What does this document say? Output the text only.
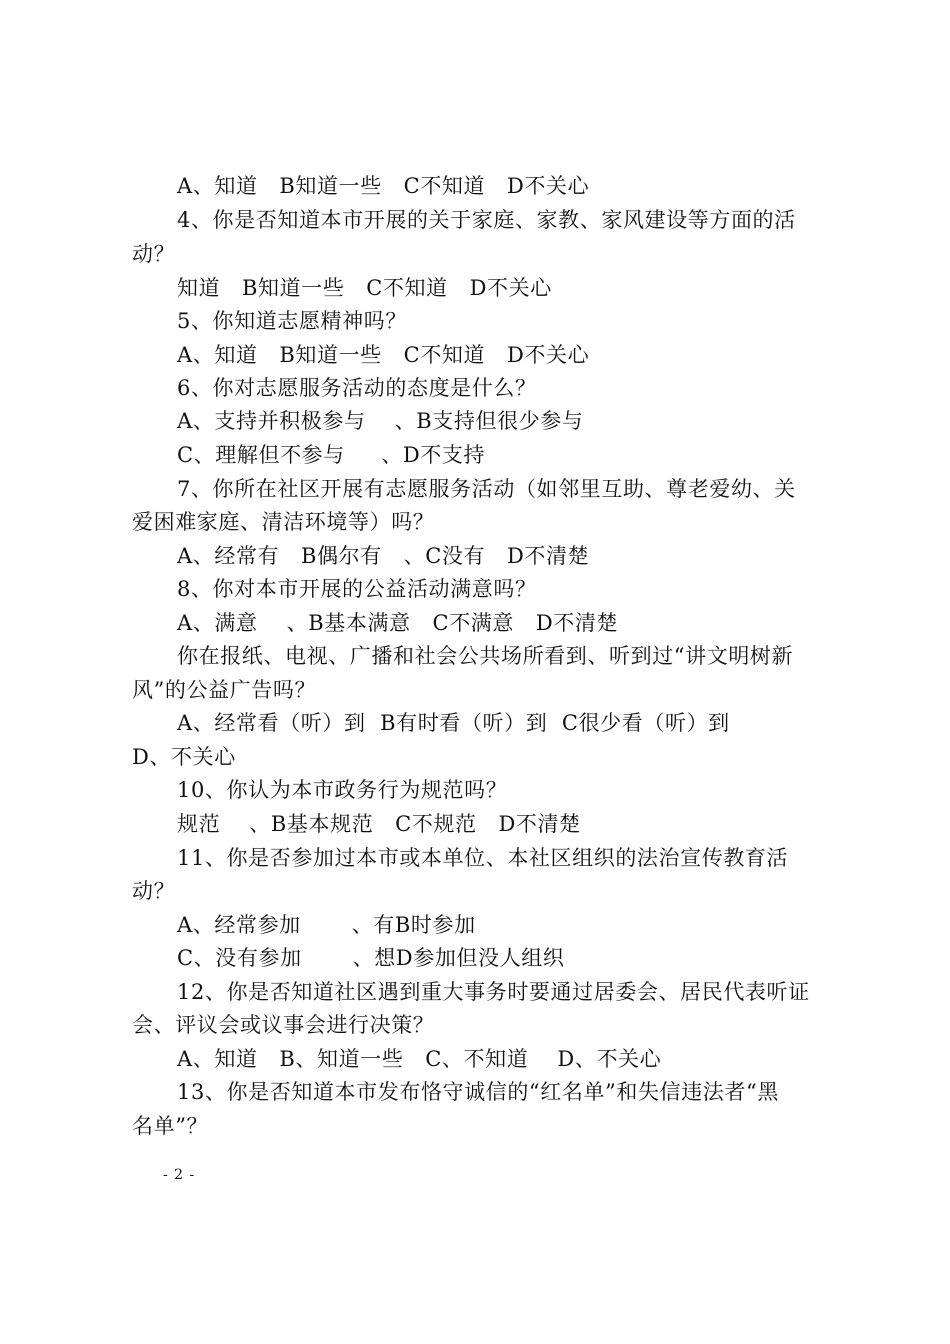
A、知道   B知道一些   C不知道   D不关心
4、你是否知道本市开展的关于家庭、家教、家风建设等方面的活
动？
知道   B知道一些   C不知道   D不关心
5、你知道志愿精神吗？
A、知道   B知道一些   C不知道   D不关心
6、你对志愿服务活动的态度是什么？
A、支持并积极参与    、B支持但很少参与
C、理解但不参与     、D不支持
7、你所在社区开展有志愿服务活动（如邻里互助、尊老爱幼、关
爱困难家庭、清洁环境等）吗？
A、经常有   B偶尔有   、C没有   D不清楚
8、你对本市开展的公益活动满意吗？
A、满意    、B基本满意   C不满意   D不清楚
你在报纸、电视、广播和社会公共场所看到、听到过“讲文明树新
风”的公益广告吗？
A、经常看（听）到  B有时看（听）到  C很少看（听）到
D、不关心
10、你认为本市政务行为规范吗？
规范    、B基本规范   C不规范   D不清楚
11、你是否参加过本市或本单位、本社区组织的法治宣传教育活
动？
A、经常参加       、有B时参加
C、没有参加       、想D参加但没人组织
12、你是否知道社区遇到重大事务时要通过居委会、居民代表听证
会、评议会或议事会进行决策？
A、知道   B、知道一些   C、不知道    D、不关心
13、你是否知道本市发布恪守诚信的“红名单”和失信违法者“黑
名单”？
- 2 -
